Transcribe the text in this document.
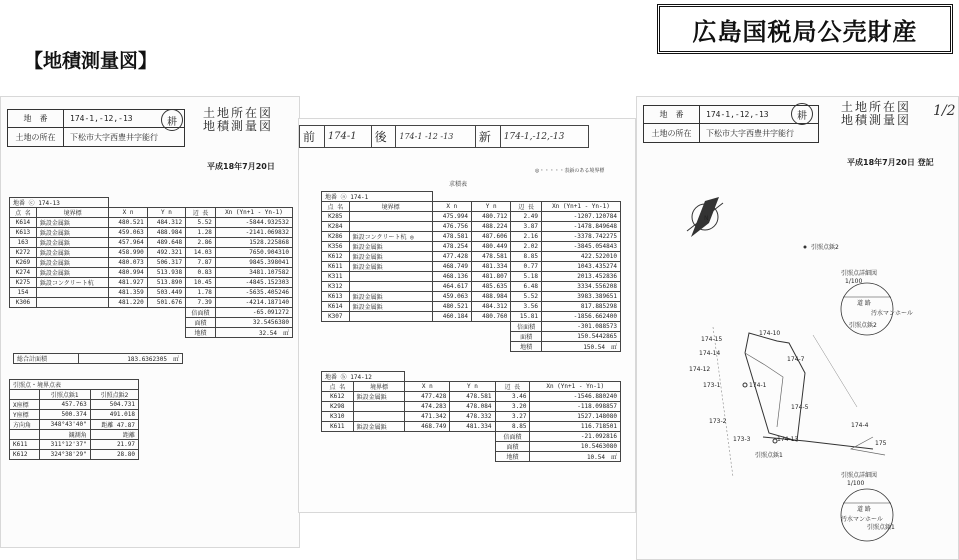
広島国税局公売財産
【地積測量図】
地　番	174-1,-12,-13
土地の所在	下松市大字西豊井字能行
耕
土地所在図
地積測量図
平成18年7月20日
地番 ⓒ 174-13					
点 名	境界標	X n	Y n	辺 長	Xn (Yn+1 - Yn-1)
K614	鋲設金属鋲	480.521	484.312	5.52	-5844.932532
K613	鋲設金属鋲	459.063	488.984	1.28	-2141.069832
163	鋲設金属鋲	457.964	489.648	2.86	1528.225868
K272	鋲設金属鋲	458.990	492.321	14.03	7650.904310
K269	鋲設金属鋲	480.073	506.317	7.87	9845.398041
K274	鋲設金属鋲	480.994	513.938	0.83	3481.107582
K275	鋲設コンクリート杭	481.927	513.890	10.45	-4845.152303
154		481.359	503.449	1.78	-5635.405246
K306		481.220	501.676	7.39	-4214.187140
				倍面積	-65.091272
				面積	32.5456380
				地積	32.54　㎡
総合計面積	183.6362305　㎡
引照点・境界点表		
	引照点鋲1	引照点鋲2
X座標	457.763	504.731
Y座標	500.374	491.018
方向角	348°43'40"	距離 47.87
	観測角	距離
K611	311°12'37"	21.97
K612	324°38'29"	28.80
前	174-1	後	174-1 -12 -13	新	174-1,-12,-13
◎・・・・・表鋲のある境界標
求積表
地番 ⓐ 174-1					
点 名	境界標	X n	Y n	辺 長	Xn (Yn+1 - Yn-1)
K285		475.994	480.712	2.49	-1207.120784
K284		476.756	488.224	3.87	-1478.849648
K286	鋲設コンクリート杭 ◎	478.581	487.606	2.16	-3378.742275
K356	鋲設金属鋲	478.254	480.449	2.02	-3845.054843
K612	鋲設金属鋲	477.428	478.581	8.85	422.522010
K611	鋲設金属鋲	468.749	481.334	0.77	1043.435274
K311		468.136	481.807	5.18	2013.452836
K312		464.617	485.635	6.48	3334.556208
K613	鋲設金属鋲	459.063	488.984	5.52	3983.389651
K614	鋲設金属鋲	480.521	484.312	3.56	817.885298
K307		460.184	480.760	15.81	-1856.662400
				倍面積	-301.088573
				面積	150.5442865
				地積	150.54　㎡
地番 ⓑ 174-12					
点 名	境界標	X n	Y n	辺 長	Xn (Yn+1 - Yn-1)
K612	鋲設金属鋲	477.428	478.581	3.46	-1546.880240
K298		474.283	478.084	3.20	-118.098857
K310		471.342	478.332	3.27	1527.148080
K611	鋲設金属鋲	468.749	481.334	8.85	116.718501
				倍面積	-21.092816
				面積	10.5463080
				地積	10.54　㎡
地　番	174-1,-12,-13
土地の所在	下松市大字西豊井字能行
耕
土地所在図
地積測量図
1/2
平成18年7月20日 登記
N
174-15
174-10
174-14
174-7
174-12
173-1	174-1
174-5
173-2
174-4
173-3	174-13
175
引照点鋲1
引照点鋲2
引照点詳細図
1/100
道 路
汚水マンホール
引照点鋲2
引照点詳細図
1/100
道 路
汚水マンホール
引照点鋲1
